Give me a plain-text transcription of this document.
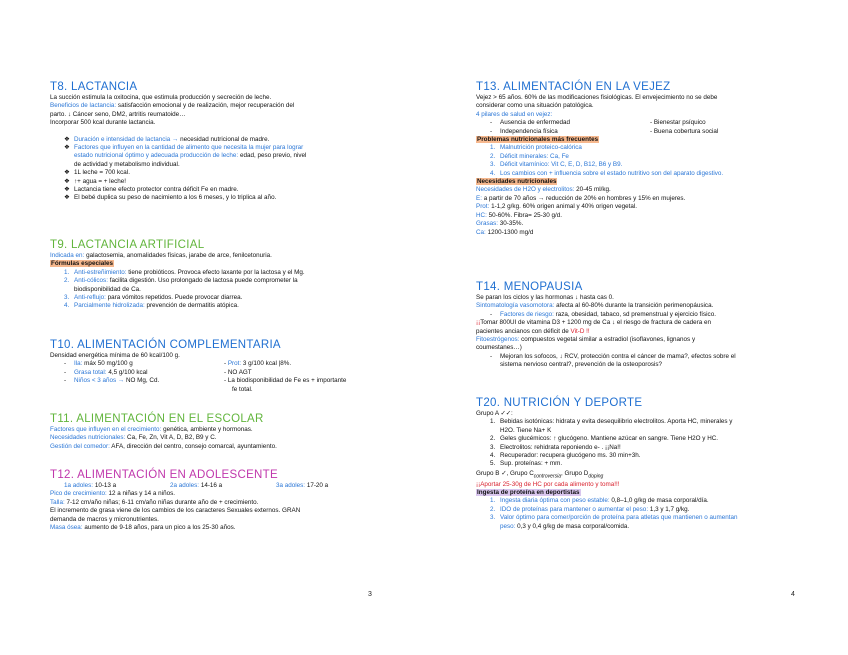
T8. LACTANCIA
La succión estimula la oxitocina, que estimula producción y secreción de leche.
Beneficios de lactancia: satisfacción emocional y de realización, mejor recuperación del
parto. ↓ Cáncer seno, DM2, artritis reumatoide…
Incorporar 500 kcal durante lactancia.
❖ Duración e intensidad de lactancia → necesidad nutricional de madre.
❖ Factores que influyen en la cantidad de alimento que necesita la mujer para lograr
estado nutricional óptimo y adecuada producción de leche: edad, peso previo, nivel
de actividad y metabolismo individual.
❖ 1L leche = 700 kcal.
❖ ↑+ agua = + leche!
❖ Lactancia tiene efecto protector contra déficit Fe en madre.
❖ El bebé duplica su peso de nacimiento a los 6 meses, y lo triplica al año.
T9. LACTANCIA ARTIFICIAL
Indicada en: galactosemia, anomalidades físicas, jarabe de arce, fenilcetonuria.
Fórmulas especiales
1. Anti-estreñimiento: tiene probióticos. Provoca efecto laxante por la lactosa y el Mg.
2. Anti-cólicos: facilita digestión. Uso prolongado de lactosa puede comprometer la
biodisponibilidad de Ca.
3. Anti-reflujo: para vómitos repetidos. Puede provocar diarrea.
4. Parcialmente hidrolizada: prevención de dermatitis atópica.
T10. ALIMENTACIÓN COMPLEMENTARIA
Densidad energética mínima de 60 kcal/100 g.
- Ila: máx 50 mg/100 g	- Prot: 3 g/100 kcal |8%.
- Grasa total: 4,5 g/100 kcal	- NO AGT
- Niños < 3 años → NO Mg, Cd.	- La biodisponibilidad de Fe es + importante
fe total.
T11. ALIMENTACIÓN EN EL ESCOLAR
Factores que influyen en el crecimiento: genética, ambiente y hormonas.
Necesidades nutricionales: Ca, Fe, Zn, Vit A, D, B2, B9 y C.
Gestión del comedor: AFA, dirección del centro, consejo comarcal, ayuntamiento.
T12. ALIMENTACIÓN EN ADOLESCENTE
1a adoles: 10-13 a	2a adoles: 14-16 a	3a adoles: 17-20 a
Pico de crecimiento: 12 a niñas y 14 a niños.
Talla: 7-12 cm/año niñas; 6-11 cm/año niñas durante año de + crecimiento.
El incremento de grasa viene de los cambios de los caracteres Sexuales externos. GRAN
demanda de macros y micronutrientes.
Masa ósea: aumento de 9-18 años, para un pico a los 25-30 años.
3
T13. ALIMENTACIÓN EN LA VEJEZ
Vejez > 65 años. 60% de las modificaciones fisiológicas. El envejecimiento no se debe
considerar como una situación patológica.
4 pilares de salud en vejez:
- Ausencia de enfermedad	- Bienestar psíquico
- Independencia física	- Buena cobertura social
Problemas nutricionales más frecuentes
1. Malnutrición proteico-calórica
2. Déficit minerales: Ca, Fe
3. Déficit vitamínico: Vit C, E, D, B12, B6 y B9.
4. Los cambios con + influencia sobre el estado nutritivo son del aparato digestivo.
Necesidades nutricionales
Necesidades de H2O y electrolitos: 20-45 ml/kg.
E: a partir de 70 años → reducción de 20% en hombres y 15% en mujeres.
Prot: 1-1,2 g/kg. 60% origen animal y 40% origen vegetal.
HC: 50-60%. Fibra= 25-30 g/d.
Grasas: 30-35%.
Ca: 1200-1300 mg/d
T14. MENOPAUSIA
Se paran los ciclos y las hormonas ↓ hasta cas 0.
Sintomatología vasomotora: afecta al 60-80% durante la transición perimenopáusica.
- Factores de riesgo: raza, obesidad, tabaco, sd premenstrual y ejercicio físico.
¡¡Tomar 800UI de vitamina D3 + 1200 mg de Ca ↓ el riesgo de fractura de cadera en
pacientes ancianos con déficit de Vit-D !!
Fitoestrógenos: compuestos vegetal similar a estradiol (isoflavones, lignanos y
coumestanes…)
- Mejoran los sofocos, ↓ RCV, protección contra el cáncer de mama?, efectos sobre el
sistema nervioso central?, prevención de la osteoporosis?
T20. NUTRICIÓN Y DEPORTE
Grupo A ✓✓:
1. Bebidas isotónicas: hidrata y evita desequilibrio electrolitos. Aporta HC, minerales y
H2O. Tiene Na+ K
2. Geles glucémicos: ↑ glucógeno. Mantiene azúcar en sangre. Tiene H2O y HC.
3. Electrolitos: rehidrata reponiendo e- . ¡¡Na!!
4. Recuperador: recupera glucógeno ms. 30 min+3h.
5. Sup. proteínas: + mm.
Grupo B ✓, Grupo $C_{controversia}$, Grupo $D_{doping}$
¡¡Aportar 25-30g de HC por cada alimento y toma!!!
Ingesta de proteína en deportistas
1. Ingesta diaria óptima con peso estable: 0,8–1,0 g/kg de masa corporal/día.
2. IDO de proteínas para mantener o aumentar el peso: 1,3 y 1,7 g/kg.
3. Valor óptimo para comer/porción de proteína para atletas que mantienen o aumentan
peso: 0,3 y 0,4 g/kg de masa corporal/comida.
4
